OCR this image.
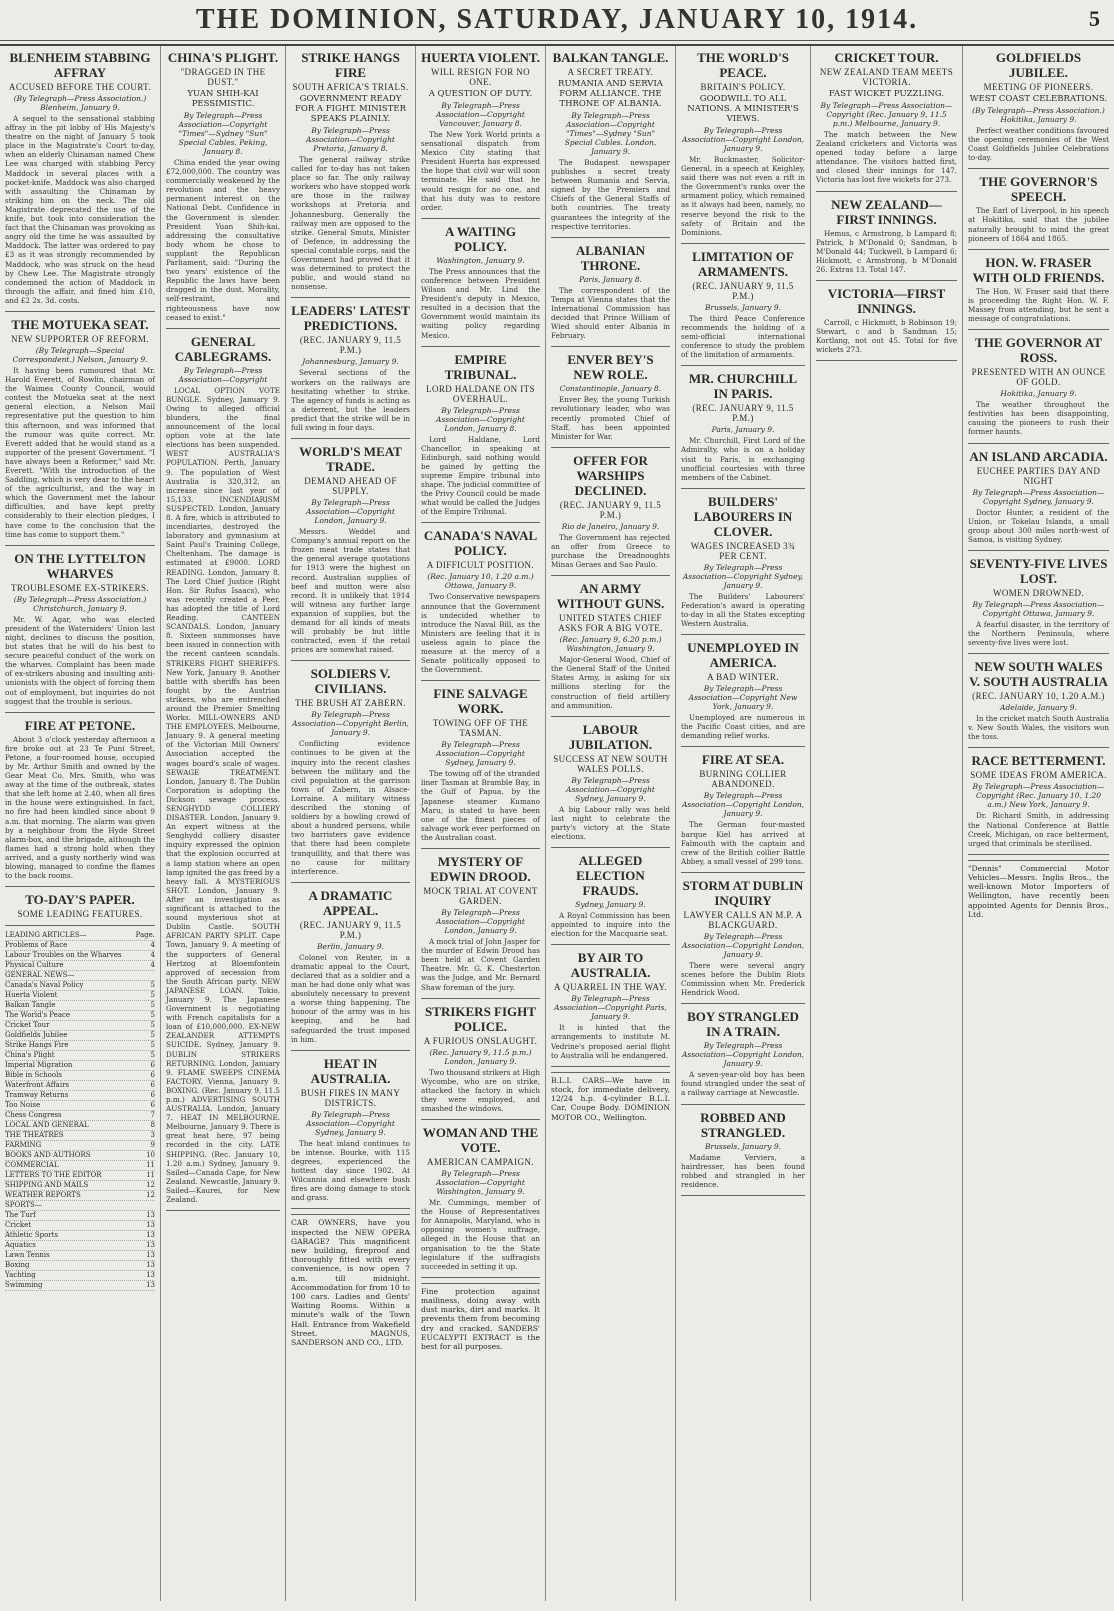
THE DOMINION, SATURDAY, JANUARY 10, 1914.	5
BLENHEIM STABBING AFFRAY
ACCUSED BEFORE THE COURT.
(By Telegraph—Press Association.) Blenheim, January 9.

A sequel to the sensational stabbing affray in the pit lobby of His Majesty's theatre on the night of January 5 took place in the Magistrate's Court to-day, when an elderly Chinaman named Chew Lee was charged with stabbing Percy Maddock in several places with a pocket-knife. Maddock was also charged with assaulting the Chinaman by striking him on the neck. The old Magistrate deprecated the use of the knife, but took into consideration the fact that the Chinaman was provoking as angry old the time he was assaulted by Maddock. The latter was ordered to pay £3 as it was strongly recommended by Maddock, who was struck on the head by Chew Lee. The Magistrate strongly condemned the action of Maddock in through the affair, and fined him £10, and £2 2s. 3d. costs.

THE MOTUEKA SEAT.
NEW SUPPORTER OF REFORM.
(By Telegraph—Special Correspondent.) Nelson, January 9.

It having been rumoured that Mr. Harold Everett, of Rowlin, chairman of the Waimea County Council, would contest the Motueka seat at the next general election, a Nelson Mail representative put the question to him this afternoon, and was informed that the rumour was quite correct. Mr. Everett added that he would stand as a supporter of the present Government. "I have always been a Reformer," said Mr. Everett. "With the introduction of the Saddling, which is very dear to the heart of the agriculturist, and the way in which the Government met the labour difficulties, and have kept pretty considerably to their election pledges, I have come to the conclusion that the time has come to support them."

ON THE LYTTELTON WHARVES
TROUBLESOME EX-STRIKERS.
(By Telegraph—Press Association.) Christchurch, January 9.

Mr. W. Agar, who was elected president of the Watersiders' Union last night, declines to discuss the position, but states that he will do his best to secure peaceful conduct of the work on the wharves. Complaint has been made of ex-strikers abusing and insulting anti-unionists with the object of forcing them out of employment, but inquiries do not suggest that the trouble is serious.

FIRE AT PETONE.

About 3 o'clock yesterday afternoon a fire broke out at 23 Te Puni Street, Petone, a four-roomed house, occupied by Mr. Arthur Smith and owned by the Gear Meat Co. Mrs. Smith, who was away at the time of the outbreak, states that she left home at 2.40, when all fires in the house were extinguished. In fact, no fire had been kindled since about 9 a.m. that morning. The alarm was given by a neighbour from the Hyde Street alarm-box, and the brigade, although the flames had a strong hold when they arrived, and a gusty northerly wind was blowing, managed to confine the flames to the back rooms.

TO-DAY'S PAPER.
SOME LEADING FEATURES.
LEADING ARTICLES—	Page.
Problems of Race	4
Labour Troubles on the Wharves	4
Physical Culture	4
GENERAL NEWS—
Canada's Naval Policy	5
Huerta Violent	5
Balkan Tangle	5
The World's Peace	5
Cricket Tour	5
Goldfields Jubilee	5
Strike Hangs Fire	5
China's Plight	5
Imperial Migration	6
Bible in Schools	6
Waterfront Affairs	6
Tramway Returns	6
Too Noise	6
Chess Congress	7
LOCAL AND GENERAL	8
THE THEATRES	3
FARMING	9
BOOKS AND AUTHORS	10
COMMERCIAL	11
LETTERS TO THE EDITOR	11
SHIPPING AND MAILS	12
WEATHER REPORTS	12
SPORTS—
The Turf	13
Cricket	13
Athletic Sports	13
Aquatics	13
Lawn Tennis	13
Boxing	13
Yachting	13
Swimming	13
CHINA'S PLIGHT.
"DRAGGED IN THE DUST."
YUAN SHIH-KAI PESSIMISTIC.
By Telegraph—Press Association—Copyright "Times"—Sydney "Sun" Special Cables. Peking, January 8.

China ended the year owing £72,000,000. The country was commercially weakened by the revolution and the heavy permanent interest on the National Debt. Confidence in the Government is slender. President Yuan Shih-kai, addressing the consultative body whom he chose to supplant the Republican Parliament, said: "During the two years' existence of the Republic the laws have been dragged in the dust. Morality, self-restraint, and righteousness have now ceased to exist."

GENERAL CABLEGRAMS.
By Telegraph—Press Association—Copyright

LOCAL OPTION VOTE BUNGLE. Sydney, January 9. Owing to alleged official blunders, the final announcement of the local option vote at the late elections has been suspended. WEST AUSTRALIA'S POPULATION. Perth, January 9. The population of West Australia is 320,312, an increase since last year of 15,133. INCENDIARISM SUSPECTED. London, January 8. A fire, which is attributed to incendiaries, destroyed the laboratory and gymnasium at Saint Paul's Training College, Cheltenham. The damage is estimated at £9000. LORD READING. London, January 8. The Lord Chief Justice (Right Hon. Sir Rufus Isaacs), who was recently created a Peer, has adopted the title of Lord Reading. CANTEEN SCANDALS. London, January 8. Sixteen summonses have been issued in connection with the recent canteen scandals. STRIKERS FIGHT SHERIFFS. New York, January 9. Another battle with sheriffs has been fought by the Austrian strikers, who are entrenched around the Premier Smelting Works. MILL-OWNERS AND THE EMPLOYEES. Melbourne, January 9. A general meeting of the Victorian Mill Owners' Association accepted the wages board's scale of wages. SEWAGE TREATMENT. London, January 8. The Dublin Corporation is adopting the Dickson sewage process. SENGHYDD COLLIERY DISASTER. London, January 9. An expert witness at the Senghydd colliery disaster inquiry expressed the opinion that the explosion occurred at a lamp station where an open lamp ignited the gas freed by a heavy fall. A MYSTERIOUS SHOT. London, January 9. After an investigation as significant is attached to the sound mysterious shot at Dublin Castle. SOUTH AFRICAN PARTY SPLIT. Cape Town, January 9. A meeting of the supporters of General Hertzog at Bloemfontein approved of secession from the South African party. NEW JAPANESE LOAN. Tokio, January 9. The Japanese Government is negotiating with French capitalists for a loan of £10,000,000. EX-NEW ZEALANDER ATTEMPTS SUICIDE. Sydney, January 9. DUBLIN STRIKERS RETURNING. London, January 9. FLAME SWEEPS CINEMA FACTORY. Vienna, January 9. BOXING. (Rec. January 9, 11.5 p.m.) ADVERTISING SOUTH AUSTRALIA. London, January 7. HEAT IN MELBOURNE. Melbourne, January 9. There is great heat here, 97 being recorded in the city. LATE SHIPPING. (Rec. January 10, 1.20 a.m.) Sydney, January 9. Sailed—Canada Cape, for New Zealand. Newcastle, January 9. Sailed—Kaurei, for New Zealand.

STRIKE HANGS FIRE
SOUTH AFRICA'S TRIALS.
GOVERNMENT READY FOR A FIGHT. MINISTER SPEAKS PLAINLY.
By Telegraph—Press Association—Copyright Pretoria, January 8.

The general railway strike called for to-day has not taken place so far. The only railway workers who have stopped work are those in the railway workshops at Pretoria and Johannesburg. Generally the railway men are opposed to the strike. General Smuts, Minister of Defence, in addressing the special constable corps, said the Government had proved that it was determined to protect the public, and would stand no nonsense.

LEADERS' LATEST PREDICTIONS.
(REC. JANUARY 9, 11.5 P.M.)
Johannesburg, January 9.

Several sections of the workers on the railways are hesitating whether to strike. The agency of funds is acting as a deterrent, but the leaders predict that the strike will be in full swing in four days.

WORLD'S MEAT TRADE.
DEMAND AHEAD OF SUPPLY.
By Telegraph—Press Association—Copyright London, January 9.

Messrs. Weddel and Company's annual report on the frozen meat trade states that the general average quotations for 1913 were the highest on record. Australian supplies of beef and mutton were also record. It is unlikely that 1914 will witness any further large expansion of supplies, but the demand for all kinds of meats will probably be but little contracted, even if the retail prices are somewhat raised.

SOLDIERS V. CIVILIANS.
THE BRUSH AT ZABERN.
By Telegraph—Press Association—Copyright Berlin, January 9.

Conflicting evidence continues to be given at the inquiry into the recent clashes between the military and the civil population at the garrison town of Zabern, in Alsace-Lorraine. A military witness described the stoning of soldiers by a howling crowd of about a hundred persons, while two barristers gave evidence that there had been complete tranquillity, and that there was no cause for military interference.

A DRAMATIC APPEAL.
(REC. JANUARY 9, 11.5 P.M.)
Berlin, January 9.

Colonel von Reuter, in a dramatic appeal to the Court, declared that as a soldier and a man he had done only what was absolutely necessary to prevent a worse thing happening. The honour of the army was in his keeping, and he had safeguarded the trust imposed in him.

HEAT IN AUSTRALIA.
BUSH FIRES IN MANY DISTRICTS.
By Telegraph—Press Association—Copyright Sydney, January 9.

The heat inland continues to be intense. Bourke, with 115 degrees, experienced the hottest day since 1902. At Wilcannia and elsewhere bush fires are doing damage to stock and grass.

CAR OWNERS, have you inspected the NEW OPERA GARAGE? This magnificent new building, fireproof and thoroughly fitted with every convenience, is now open 7 a.m. till midnight. Accommodation for from 10 to 100 cars. Ladies and Gents' Waiting Rooms. Within a minute's walk of the Town Hall. Entrance from Wakefield Street. MAGNUS, SANDERSON AND CO., LTD.

HUERTA VIOLENT.
WILL RESIGN FOR NO ONE.
A QUESTION OF DUTY.
By Telegraph—Press Association—Copyright Vancouver, January 8.

The New York World prints a sensational dispatch from Mexico City stating that President Huerta has expressed the hope that civil war will soon terminate. He said that he would resign for no one, and that his duty was to restore order.

A WAITING POLICY.
Washington, January 9.

The Press announces that the conference between President Wilson and Mr. Lind the President's deputy in Mexico, resulted in a decision that the Government would maintain its waiting policy regarding Mexico.

EMPIRE TRIBUNAL.
LORD HALDANE ON ITS OVERHAUL.
By Telegraph—Press Association—Copyright London, January 8.

Lord Haldane, Lord Chancellor, in speaking at Edinburgh, said nothing would be gained by getting the supreme Empire tribunal into shape. The judicial committee of the Privy Council could be made what would be called the Judges of the Empire Tribunal.

CANADA'S NAVAL POLICY.
A DIFFICULT POSITION.
(Rec. January 10, 1.20 a.m.) Ottawa, January 9.

Two Conservative newspapers announce that the Government is undecided whether to introduce the Naval Bill, as the Ministers are feeling that it is useless again to place the measure at the mercy of a Senate politically opposed to the Government.

FINE SALVAGE WORK.
TOWING OFF OF THE TASMAN.
By Telegraph—Press Association—Copyright Sydney, January 9.

The towing off of the stranded liner Tasman at Bramble Bay, in the Gulf of Papua, by the Japanese steamer Kumano Maru, is stated to have been one of the finest pieces of salvage work ever performed on the Australian coast.

MYSTERY OF EDWIN DROOD.
MOCK TRIAL AT COVENT GARDEN.
By Telegraph—Press Association—Copyright London, January 9.

A mock trial of John Jasper for the murder of Edwin Drood has been held at Covent Garden Theatre. Mr. G. K. Chesterton was the Judge, and Mr. Bernard Shaw foreman of the jury.

STRIKERS FIGHT POLICE.
A FURIOUS ONSLAUGHT.
(Rec. January 9, 11.5 p.m.) London, January 9.

Two thousand strikers at High Wycombe, who are on strike, attacked the factory in which they were employed, and smashed the windows.

WOMAN AND THE VOTE.
AMERICAN CAMPAIGN.
By Telegraph—Press Association—Copyright Washington, January 9.

Mr. Cummings, member of the House of Representatives for Annapolis, Maryland, who is opposing women's suffrage, alleged in the House that an organisation to tie the State legislature if the suffragists succeeded in setting it up.

Fine protection against mailiness, doing away with dust marks, dirt and marks. It prevents them from becoming dry and cracked. SANDERS' EUCALYPTI EXTRACT is the best for all purposes.

BALKAN TANGLE.
A SECRET TREATY.
RUMANIA AND SERVIA FORM ALLIANCE. THE THRONE OF ALBANIA.
By Telegraph—Press Association—Copyright "Times"—Sydney "Sun" Special Cables. London, January 9.

The Budapest newspaper publishes a secret treaty between Rumania and Servia, signed by the Premiers and Chiefs of the General Staffs of both countries. The treaty guarantees the integrity of the respective territories.

ALBANIAN THRONE.
Paris, January 8.

The correspondent of the Temps at Vienna states that the International Commission has decided that Prince William of Wied should enter Albania in February.

ENVER BEY'S NEW ROLE.
Constantinople, January 8.

Enver Bey, the young Turkish revolutionary leader, who was recently promoted Chief of Staff, has been appointed Minister for War.

OFFER FOR WARSHIPS DECLINED.
(REC. JANUARY 9, 11.5 P.M.)
Rio de Janeiro, January 9.

The Government has rejected an offer from Greece to purchase the Dreadnoughts Minas Geraes and Sao Paulo.

AN ARMY WITHOUT GUNS.
UNITED STATES CHIEF ASKS FOR A BIG VOTE.
(Rec. January 9, 6.20 p.m.) Washington, January 9.

Major-General Wood, Chief of the General Staff of the United States Army, is asking for six millions sterling for the construction of field artillery and ammunition.

LABOUR JUBILATION.
SUCCESS AT NEW SOUTH WALES POLLS.
By Telegraph—Press Association—Copyright Sydney, January 9.

A big Labour rally was held last night to celebrate the party's victory at the State elections.

ALLEGED ELECTION FRAUDS.
Sydney, January 9.

A Royal Commission has been appointed to inquire into the election for the Macquarie seat.

BY AIR TO AUSTRALIA.
A QUARREL IN THE WAY.
By Telegraph—Press Association—Copyright Paris, January 9.

It is hinted that the arrangements to institute M. Vedrine's proposed aerial flight to Australia will be endangered.

B.L.I. CARS—We have in stock, for immediate delivery, 12/24 h.p. 4-cylinder B.L.I. Car, Coupe Body. DOMINION MOTOR CO., Wellington.

THE WORLD'S PEACE.
BRITAIN'S POLICY.
GOODWILL TO ALL NATIONS. A MINISTER'S VIEWS.
By Telegraph—Press Association—Copyright London, January 9.

Mr. Buckmaster, Solicitor-General, in a speech at Keighley, said there was not even a rift in the Government's ranks over the armament policy, which remained as it always had been, namely, no reserve beyond the risk to the safety of Britain and the Dominions.

LIMITATION OF ARMAMENTS.
(REC. JANUARY 9, 11.5 P.M.)
Brussels, January 9.

The third Peace Conference recommends the holding of a semi-official international conference to study the problem of the limitation of armaments.

MR. CHURCHILL IN PARIS.
(REC. JANUARY 9, 11.5 P.M.)
Paris, January 9.

Mr. Churchill, First Lord of the Admiralty, who is on a holiday visit to Paris, is exchanging unofficial courtesies with three members of the Cabinet.

BUILDERS' LABOURERS IN CLOVER.
WAGES INCREASED 3¾ PER CENT.
By Telegraph—Press Association—Copyright Sydney, January 9.

The Builders' Labourers' Federation's award is operating to-day in all the States excepting Western Australia.

UNEMPLOYED IN AMERICA.
A BAD WINTER.
By Telegraph—Press Association—Copyright New York, January 9.

Unemployed are numerous in the Pacific Coast cities, and are demanding relief works.

FIRE AT SEA.
BURNING COLLIER ABANDONED.
By Telegraph—Press Association—Copyright London, January 9.

The German four-masted barque Kiel has arrived at Falmouth with the captain and crew of the British collier Battle Abbey, a small vessel of 299 tons.

STORM AT DUBLIN INQUIRY
LAWYER CALLS AN M.P. A BLACKGUARD.
By Telegraph—Press Association—Copyright London, January 9.

There were several angry scenes before the Dublin Riots Commission when Mr. Frederick Hendrick Wood.

BOY STRANGLED IN A TRAIN.
By Telegraph—Press Association—Copyright London, January 9.

A seven-year-old boy has been found strangled under the seat of a railway carriage at Newcastle.

ROBBED AND STRANGLED.
Brussels, January 9.

Madame Verviers, a hairdresser, has been found robbed and strangled in her residence.

CRICKET TOUR.
NEW ZEALAND TEAM MEETS VICTORIA.
FAST WICKET PUZZLING.
By Telegraph—Press Association—Copyright (Rec. January 9, 11.5 p.m.) Melbourne, January 9.

The match between the New Zealand cricketers and Victoria was opened today before a large attendance. The visitors batted first, and closed their innings for 147. Victoria has lost five wickets for 273.

NEW ZEALAND—FIRST INNINGS.

Hemus, c Armstrong, b Lampard 8; Patrick, b M'Donald 0; Sandman, b M'Donald 44; Tuckwell, b Lampard 6; Hickmott, c Armstrong, b M'Donald 26. Extras 13. Total 147.

VICTORIA—FIRST INNINGS.

Carroll, c Hickmott, b Robinson 19; Stewart, c and b Sandman 15; Kortlang, not out 45. Total for five wickets 273.

GOLDFIELDS JUBILEE.
MEETING OF PIONEERS.
WEST COAST CELEBRATIONS.
(By Telegraph—Press Association.) Hokitika, January 9.

Perfect weather conditions favoured the opening ceremonies of the West Coast Goldfields Jubilee Celebrations to-day.

THE GOVERNOR'S SPEECH.

The Earl of Liverpool, in his speech at Hokitika, said that the jubilee naturally brought to mind the great pioneers of 1864 and 1865.

HON. W. FRASER WITH OLD FRIENDS.

The Hon. W. Fraser said that there is proceeding the Right Hon. W. F. Massey from attending, but he sent a message of congratulations.

THE GOVERNOR AT ROSS.
PRESENTED WITH AN OUNCE OF GOLD.
Hokitika, January 9.

The weather throughout the festivities has been disappointing, causing the pioneers to rush their former haunts.

AN ISLAND ARCADIA.
EUCHEE PARTIES DAY AND NIGHT
By Telegraph—Press Association—Copyright Sydney, January 9.

Doctor Hunter, a resident of the Union, or Tokelau Islands, a small group about 300 miles north-west of Samoa, is visiting Sydney.

SEVENTY-FIVE LIVES LOST.
WOMEN DROWNED.
By Telegraph—Press Association—Copyright Ottawa, January 9.

A fearful disaster, in the territory of the Northern Peninsula, where seventy-five lives were lost.

NEW SOUTH WALES V. SOUTH AUSTRALIA
(REC. JANUARY 10, 1.20 A.M.)
Adelaide, January 9.

In the cricket match South Australia v. New South Wales, the visitors won the toss.

RACE BETTERMENT.
SOME IDEAS FROM AMERICA.
By Telegraph—Press Association—Copyright (Rec. January 10, 1.20 a.m.) New York, January 9.

Dr. Richard Smith, in addressing the National Conference at Battle Creek, Michigan, on race betterment, urged that criminals be sterilised.

"Dennis" Commercial Motor Vehicles—Messrs. Inglis Bros., the well-known Motor Importers of Wellington, have recently been appointed Agents for Dennis Bros., Ltd.
